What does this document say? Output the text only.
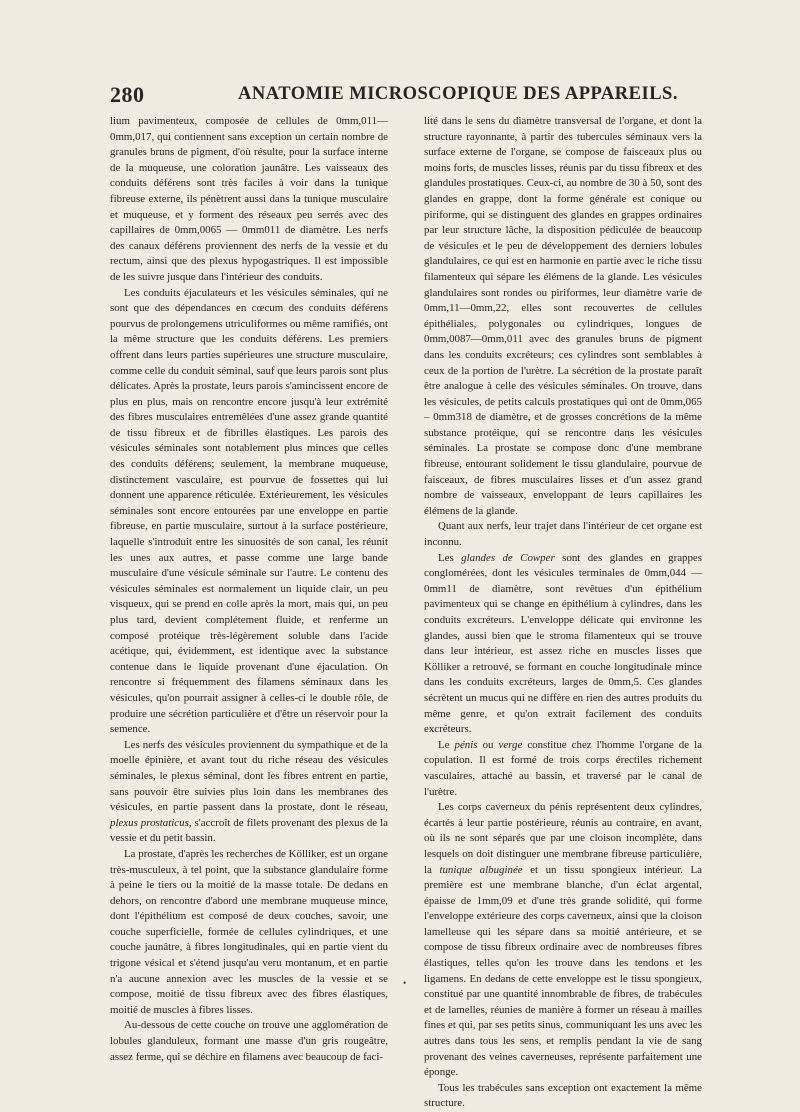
280	ANATOMIE MICROSCOPIQUE DES APPAREILS.

lium pavimenteux, composée de cellules de 0mm,011—0mm,017, qui contiennent sans exception un certain nombre de granules bruns de pigment, d'où résulte, pour la surface interne de la muqueuse, une coloration jaunâtre. Les vaisseaux des conduits déférens sont très faciles à voir dans la tunique fibreuse externe, ils pénètrent aussi dans la tunique musculaire et muqueuse, et y forment des réseaux peu serrés avec des capillaires de 0mm,0065 — 0mm011 de diamètre. Les nerfs des canaux déférens proviennent des nerfs de la vessie et du rectum, ainsi que des plexus hypogastriques. Il est impossible de les suivre jusque dans l'intérieur des conduits.

Les conduits éjaculateurs et les vésicules séminales, qui ne sont que des dépendances en cœcum des conduits déférens pourvus de prolongemens utriculiformes ou même ramifiés, ont la même structure que les conduits déférens. Les premiers offrent dans leurs parties supérieures une structure musculaire, comme celle du conduit séminal, sauf que leurs parois sont plus délicates. Après la prostate, leurs parois s'amincissent encore de plus en plus, mais on rencontre encore jusqu'à leur extrémité des fibres musculaires entremêlées d'une assez grande quantité de tissu fibreux et de fibrilles élastiques. Les parois des vésicules séminales sont notablement plus minces que celles des conduits déférens; seulement, la membrane muqueuse, distinctement vasculaire, est pourvue de fossettes qui lui donnent une apparence réticulée. Extérieurement, les vésicules séminales sont encore entourées par une enveloppe en partie fibreuse, en partie musculaire, surtout à la surface postérieure, laquelle s'introduit entre les sinuosités de son canal, les réunit les unes aux autres, et passe comme une large bande musculaire d'une vésicule séminale sur l'autre. Le contenu des vésicules séminales est normalement un liquide clair, un peu visqueux, qui se prend en colle après la mort, mais qui, un peu plus tard, devient complétement fluide, et renferme un composé protéique très-légèrement soluble dans l'acide acétique, qui, évidemment, est identique avec la substance contenue dans le liquide provenant d'une éjaculation. On rencontre si fréquemment des filamens séminaux dans les vésicules, qu'on pourrait assigner à celles-ci le double rôle, de produire une sécrétion particulière et d'être un réservoir pour la semence.

Les nerfs des vésicules proviennent du sympathique et de la moelle épinière, et avant tout du riche réseau des vésicules séminales, le plexus séminal, dont les fibres entrent en partie, sans pouvoir être suivies plus loin dans les membranes des vésicules, en partie passent dans la prostate, dont le réseau, plexus prostaticus, s'accroît de filets provenant des plexus de la vessie et du petit bassin.

La prostate, d'après les recherches de Kölliker, est un organe très-musculeux, à tel point, que la substance glandulaire forme à peine le tiers ou la moitié de la masse totale. De dedans en dehors, on rencontre d'abord une membrane muqueuse mince, dont l'épithélium est composé de deux couches, savoir, une couche superficielle, formée de cellules cylindriques, et une couche jaunâtre, à fibres longitudinales, qui en partie vient du trigone vésical et s'étend jusqu'au veru montanum, et en partie n'a aucune annexion avec les muscles de la vessie et se compose, moitié de tissu fibreux avec des fibres élastiques, moitié de muscles à fibres lisses.

Au-dessous de cette couche on trouve une agglomération de lobules glanduleux, formant une masse d'un gris rougeâtre, assez ferme, qui se déchire en filamens avec beaucoup de faci-

lité dans le sens du diamètre transversal de l'organe, et dont la structure rayonnante, à partir des tubercules séminaux vers la surface externe de l'organe, se compose de faisceaux plus ou moins forts, de muscles lisses, réunis par du tissu fibreux et des glandules prostatiques. Ceux-ci, au nombre de 30 à 50, sont des glandes en grappe, dont la forme générale est conique ou piriforme, qui se distinguent des glandes en grappes ordinaires par leur structure lâche, la disposition pédiculée de beaucoup de vésicules et le peu de développement des derniers lobules glandulaires, ce qui est en harmonie en partie avec le riche tissu filamenteux qui sépare les élémens de la glande. Les vésicules glandulaires sont rondes ou piriformes, leur diamètre varie de 0mm,11—0mm,22, elles sont recouvertes de cellules épithéliales, polygonales ou cylindriques, longues de 0mm,0087—0mm,011 avec des granules bruns de pigment dans les conduits excréteurs; ces cylindres sont semblables à ceux de la portion de l'urètre. La sécrétion de la prostate paraît être analogue à celle des vésicules séminales. On trouve, dans les vésicules, de petits calculs prostatiques qui ont de 0mm,065 – 0mm318 de diamètre, et de grosses concrétions de la même substance protéique, qui se rencontre dans les vésicules séminales. La prostate se compose donc d'une membrane fibreuse, entourant solidement le tissu glandulaire, pourvue de faisceaux, de fibres musculaires lisses et d'un assez grand nombre de vaisseaux, enveloppant de leurs capillaires les élémens de la glande.

Quant aux nerfs, leur trajet dans l'intérieur de cet organe est inconnu.

Les glandes de Cowper sont des glandes en grappes conglomérées, dont les vésicules terminales de 0mm,044 — 0mm11 de diamètre, sont revêtues d'un épithélium pavimenteux qui se change en épithélium à cylindres, dans les conduits excréteurs. L'enveloppe délicate qui environne les glandes, aussi bien que le stroma filamenteux qui se trouve dans leur intérieur, est assez riche en muscles lisses que Kölliker a retrouvé, se formant en couche longitudinale mince dans les conduits excréteurs, larges de 0mm,5. Ces glandes sécrètent un mucus qui ne diffère en rien des autres produits du même genre, et qu'on extrait facilement des conduits excréteurs.

Le pénis ou verge constitue chez l'homme l'organe de la copulation. Il est formé de trois corps érectiles richement vasculaires, attaché au bassin, et traversé par le canal de l'urètre.

Les corps caverneux du pénis représentent deux cylindres, écartés à leur partie postérieure, réunis au contraire, en avant, où ils ne sont séparés que par une cloison incomplète, dans lesquels on doit distinguer une membrane fibreuse particulière, la tunique albuginée et un tissu spongieux intérieur. La première est une membrane blanche, d'un éclat argental, épaisse de 1mm,09 et d'une très grande solidité, qui forme l'enveloppe extérieure des corps caverneux, ainsi que la cloison lamelleuse qui les sépare dans sa moitié antérieure, et se compose de tissu fibreux ordinaire avec de nombreuses fibres élastiques, telles qu'on les trouve dans les tendons et les ligamens. En dedans de cette enveloppe est le tissu spongieux, constitué par une quantité innombrable de fibres, de trabécules et de lamelles, réunies de manière à former un réseau à mailles fines et qui, par ses petits sinus, communiquant les uns avec les autres dans tous les sens, et remplis pendant la vie de sang provenant des veines caverneuses, représente parfaitement une éponge.

Tous les trabécules sans exception ont exactement la même structure.

•
